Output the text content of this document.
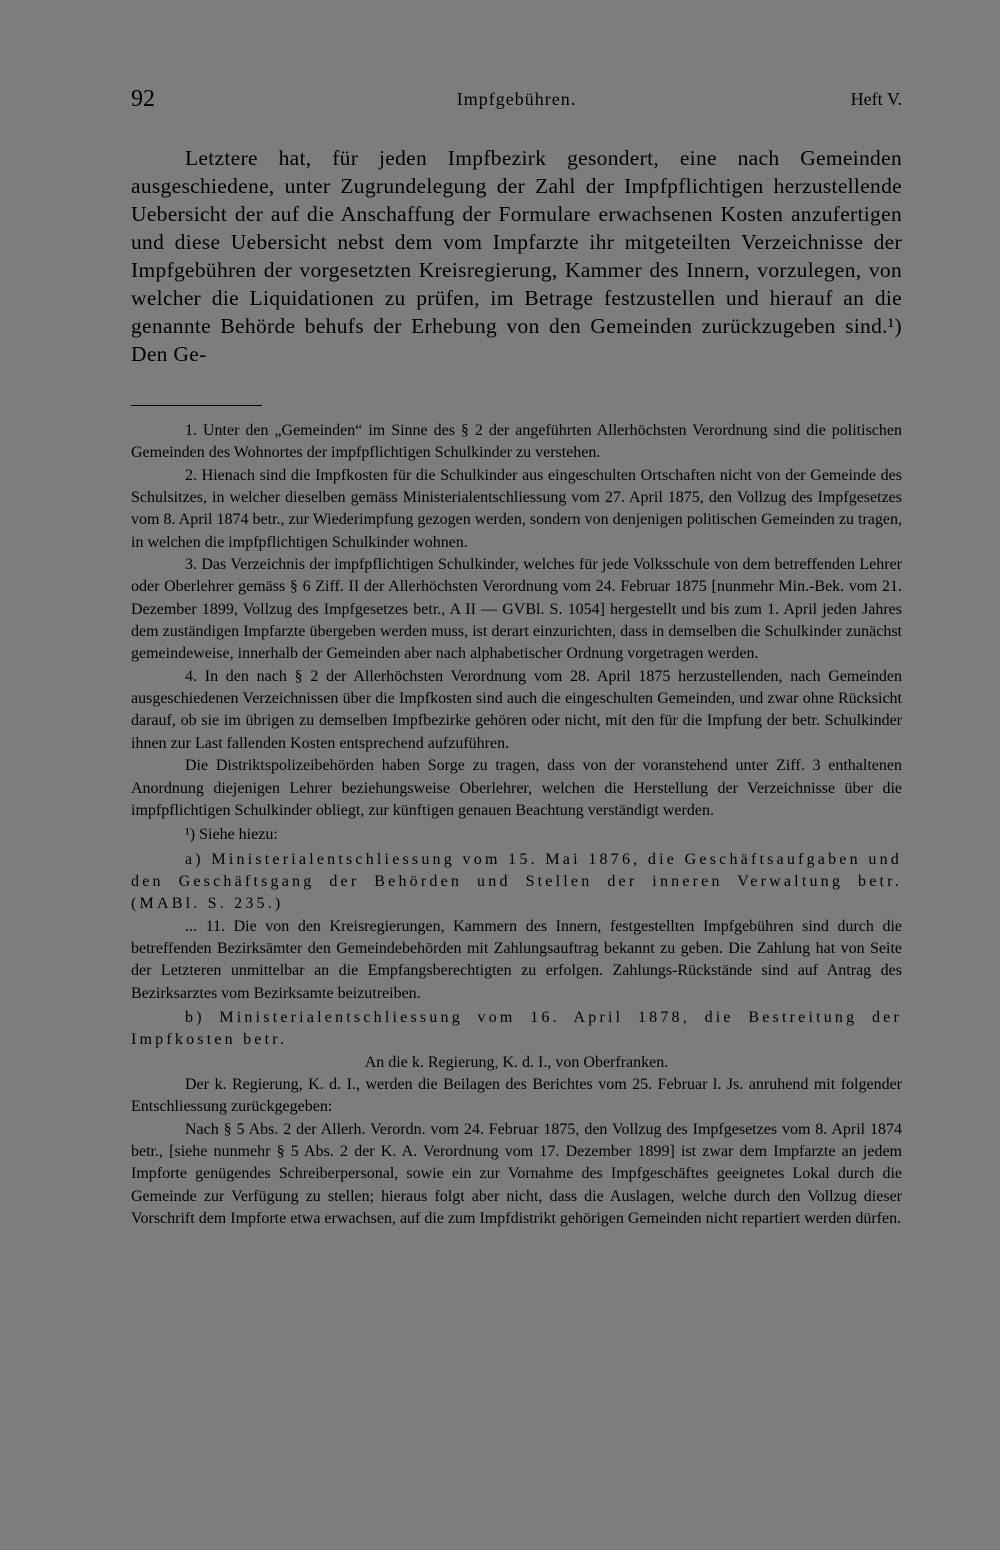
92	Impfgebühren.	Heft V.

Letztere hat, für jeden Impfbezirk gesondert, eine nach Gemeinden ausgeschiedene, unter Zugrundelegung der Zahl der Impfpflichtigen herzustellende Uebersicht der auf die Anschaffung der Formulare erwachsenen Kosten anzufertigen und diese Uebersicht nebst dem vom Impfarzte ihr mitgeteilten Verzeichnisse der Impfgebühren der vorgesetzten Kreisregierung, Kammer des Innern, vorzulegen, von welcher die Liquidationen zu prüfen, im Betrage festzustellen und hierauf an die genannte Behörde behufs der Erhebung von den Gemeinden zurückzugeben sind.¹) Den Ge-

1. Unter den „Gemeinden“ im Sinne des § 2 der angeführten Allerhöchsten Verordnung sind die politischen Gemeinden des Wohnortes der impfpflichtigen Schulkinder zu verstehen.

2. Hienach sind die Impfkosten für die Schulkinder aus eingeschulten Ortschaften nicht von der Gemeinde des Schulsitzes, in welcher dieselben gemäss Ministerialentschliessung vom 27. April 1875, den Vollzug des Impfgesetzes vom 8. April 1874 betr., zur Wiederimpfung gezogen werden, sondern von denjenigen politischen Gemeinden zu tragen, in welchen die impfpflichtigen Schulkinder wohnen.

3. Das Verzeichnis der impfpflichtigen Schulkinder, welches für jede Volksschule von dem betreffenden Lehrer oder Oberlehrer gemäss § 6 Ziff. II der Allerhöchsten Verordnung vom 24. Februar 1875 [nunmehr Min.-Bek. vom 21. Dezember 1899, Vollzug des Impfgesetzes betr., A II — GVBl. S. 1054] hergestellt und bis zum 1. April jeden Jahres dem zuständigen Impfarzte übergeben werden muss, ist derart einzurichten, dass in demselben die Schulkinder zunächst gemeindeweise, innerhalb der Gemeinden aber nach alphabetischer Ordnung vorgetragen werden.

4. In den nach § 2 der Allerhöchsten Verordnung vom 28. April 1875 herzustellenden, nach Gemeinden ausgeschiedenen Verzeichnissen über die Impfkosten sind auch die eingeschulten Gemeinden, und zwar ohne Rücksicht darauf, ob sie im übrigen zu demselben Impfbezirke gehören oder nicht, mit den für die Impfung der betr. Schulkinder ihnen zur Last fallenden Kosten entsprechend aufzuführen.

Die Distriktspolizeibehörden haben Sorge zu tragen, dass von der voranstehend unter Ziff. 3 enthaltenen Anordnung diejenigen Lehrer beziehungsweise Oberlehrer, welchen die Herstellung der Verzeichnisse über die impfpflichtigen Schulkinder obliegt, zur künftigen genauen Beachtung verständigt werden.

¹) Siehe hiezu:

a) Ministerialentschliessung vom 15. Mai 1876, die Geschäftsaufgaben und den Geschäftsgang der Behörden und Stellen der inneren Verwaltung betr. (MABl. S. 235.)

... 11. Die von den Kreisregierungen, Kammern des Innern, festgestellten Impfgebühren sind durch die betreffenden Bezirksämter den Gemeindebehörden mit Zahlungsauftrag bekannt zu geben. Die Zahlung hat von Seite der Letzteren unmittelbar an die Empfangsberechtigten zu erfolgen. Zahlungs-Rückstände sind auf Antrag des Bezirksarztes vom Bezirksamte beizutreiben.

b) Ministerialentschliessung vom 16. April 1878, die Bestreitung der Impfkosten betr.

An die k. Regierung, K. d. I., von Oberfranken.

Der k. Regierung, K. d. I., werden die Beilagen des Berichtes vom 25. Februar l. Js. anruhend mit folgender Entschliessung zurückgegeben:

Nach § 5 Abs. 2 der Allerh. Verordn. vom 24. Februar 1875, den Vollzug des Impfgesetzes vom 8. April 1874 betr., [siehe nunmehr § 5 Abs. 2 der K. A. Verordnung vom 17. Dezember 1899] ist zwar dem Impfarzte an jedem Impforte genügendes Schreiberpersonal, sowie ein zur Vornahme des Impfgeschäftes geeignetes Lokal durch die Gemeinde zur Verfügung zu stellen; hieraus folgt aber nicht, dass die Auslagen, welche durch den Vollzug dieser Vorschrift dem Impforte etwa erwachsen, auf die zum Impfdistrikt gehörigen Gemeinden nicht repartiert werden dürfen.
